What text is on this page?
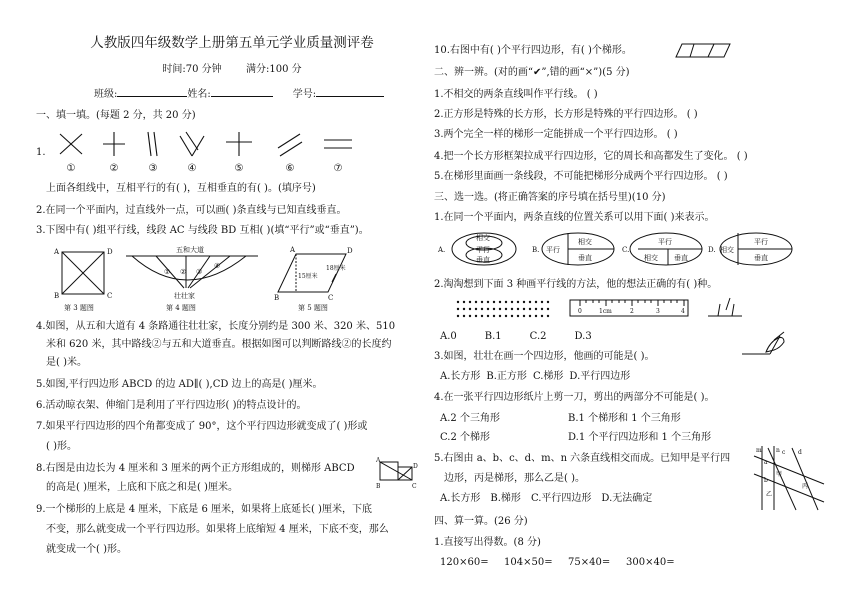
人教版四年级数学上册第五单元学业质量测评卷
时间:70 分钟 满分:100 分
班级:	姓名:	学号:
一、填一填。(每题 2 分，共 20 分)
1.
①	②	③	④	⑤	⑥	⑦
上面各组线中，互相平行的有( )，互相垂直的有( )。(填序号)
2.在同一个平面内，过直线外一点，可以画( )条直线与已知直线垂直。
3.下图中有( )组平行线，线段 AC 与线段 BD 互相( )(填“平行”或“垂直”)。
A	D
B	C
第 3 题图
五和大道
① ② ③
④
壮壮家
第 4 题图
A	D
B	C
18厘米
15厘米
第 5 题图
4.如图，从五和大道有 4 条路通往壮壮家，长度分别约是 300 米、320 米、510
米和 620 米，其中路线②与五和大道垂直。根据如图可以判断路线②的长度约
是( )米。
5.如图,平行四边形 ABCD 的边 AD∥( ),CD 边上的高是( )厘米。
6.活动晾衣架、伸缩门是利用了平行四边形( )的特点设计的。
7.如果平行四边形的四个角都变成了 90°，这个平行四边形就变成了( )形或
( )形。
8.右图是由边长为 4 厘米和 3 厘米的两个正方形组成的，则梯形 ABCD
的高是( )厘米，上底和下底之和是( )厘米。
A
D
B	C
9.一个梯形的上底是 4 厘米，下底是 6 厘米，如果将上底延长( )厘米，下底
不变，那么就变成一个平行四边形。如果将上底缩短 4 厘米，下底不变，那么
就变成一个( )形。
10.右图中有( )个平行四边形，有( )个梯形。
二、辨一辨。(对的画“✔”,错的画“×”)(5 分)
1.不相交的两条直线叫作平行线。 ( )
2.正方形是特殊的长方形，长方形是特殊的平行四边形。 ( )
3.两个完全一样的梯形一定能拼成一个平行四边形。 ( )
4.把一个长方形框架拉成平行四边形，它的周长和高都发生了变化。 ( )
5.在梯形里面画一条线段，不可能把梯形分成两个平行四边形。 ( )
三、选一选。(将正确答案的序号填在括号里)(10 分)
1.在同一个平面内，两条直线的位置关系可以用下面( )来表示。
A.
相交
平行
垂直
B. 平行
相交
垂直
C.
平行
相交 垂直
D. 相交
平行
垂直
2.淘淘想到下面 3 种画平行线的方法，他的想法正确的有( )种。
0	1cm	2	3	4
A.0	B.1	C.2	D.3
3.如图，壮壮在画一个四边形，他画的可能是( )。
A.长方形 B.正方形 C.梯形 D.平行四边形
4.在一张平行四边形纸片上剪一刀，剪出的两部分不可能是( )。
A.2 个三角形	B.1 个梯形和 1 个三角形
C.2 个梯形	D.1 个平行四边形和 1 个三角形
5.右图由 a、b、c、d、m、n 六条直线相交而成。已知甲是平行四
边形，丙是梯形，那么乙是( )。
A.长方形 B.梯形 C.平行四边形 D.无法确定
m n
a
b
c d
甲
乙
丙
四、算一算。(26 分)
1.直接写出得数。(8 分)
120×60= 104×50= 75×40= 300×40=
